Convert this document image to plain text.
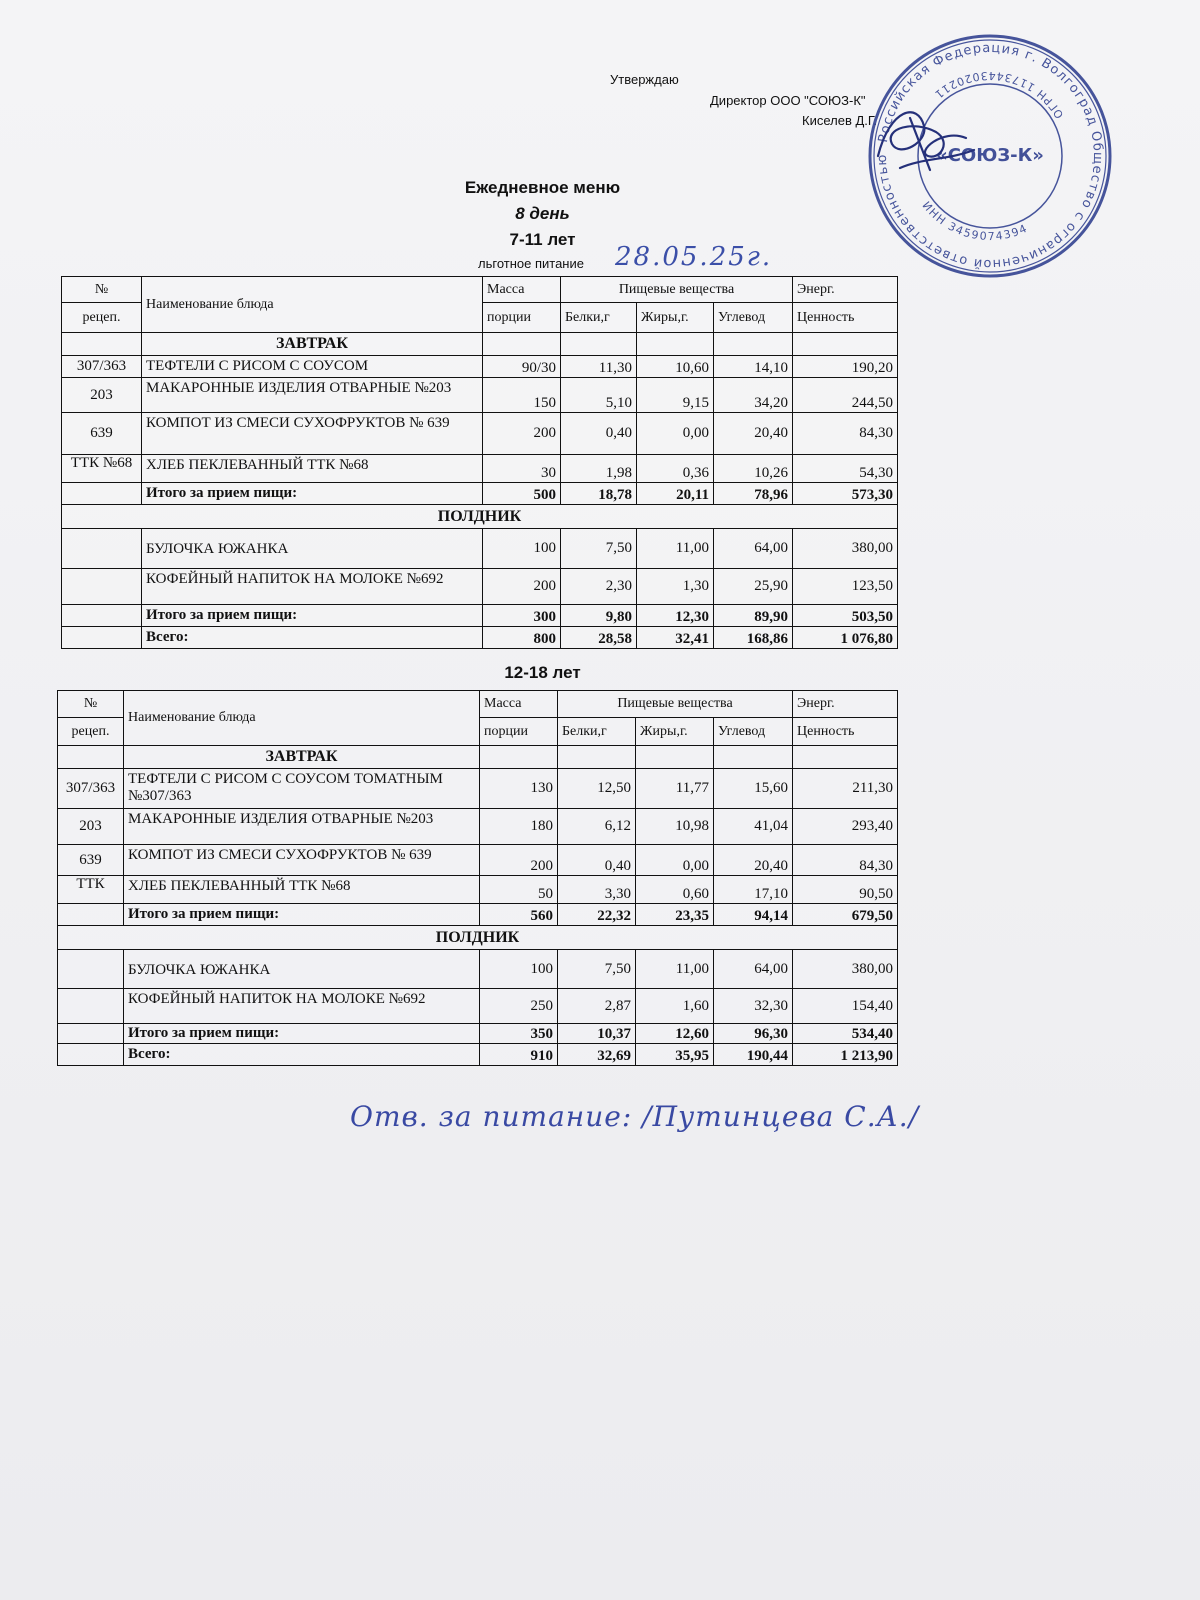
Утверждаю
Директор ООО "СОЮЗ-К"
Киселев Д.Г.
Российская Федерация г. Волгоград Общество с ограниченной ответственностью
ИНН 3459074394
ОГРН 1173443020211
«СОЮЗ-К»
Ежедневное меню
8 день
7-11 лет
льготное питание	28.05.25г.
№	Наименование блюда	Масса	Пищевые вещества			Энерг.
рецеп.		порции	Белки,г	Жиры,г.	Углевод	Ценность
	ЗАВТРАК					
307/363	ТЕФТЕЛИ С РИСОМ С СОУСОМ	90/30	11,30	10,60	14,10	190,20
203	МАКАРОННЫЕ ИЗДЕЛИЯ ОТВАРНЫЕ №203	150	5,10	9,15	34,20	244,50
639	КОМПОТ ИЗ СМЕСИ СУХОФРУКТОВ № 639	200	0,40	0,00	20,40	84,30
ТТК №68	ХЛЕБ ПЕКЛЕВАННЫЙ ТТК №68	30	1,98	0,36	10,26	54,30
	Итого за прием пищи:	500	18,78	20,11	78,96	573,30
ПОЛДНИК						
	БУЛОЧКА ЮЖАНКА	100	7,50	11,00	64,00	380,00
	КОФЕЙНЫЙ НАПИТОК НА МОЛОКЕ №692	200	2,30	1,30	25,90	123,50
	Итого за прием пищи:	300	9,80	12,30	89,90	503,50
	Всего:	800	28,58	32,41	168,86	1 076,80
12-18 лет
№	Наименование блюда	Масса	Пищевые вещества			Энерг.
рецеп.		порции	Белки,г	Жиры,г.	Углевод	Ценность
	ЗАВТРАК					
307/363	ТЕФТЕЛИ С РИСОМ С СОУСОМ ТОМАТНЫМ №307/363	130	12,50	11,77	15,60	211,30
203	МАКАРОННЫЕ ИЗДЕЛИЯ ОТВАРНЫЕ №203	180	6,12	10,98	41,04	293,40
639	КОМПОТ ИЗ СМЕСИ СУХОФРУКТОВ № 639	200	0,40	0,00	20,40	84,30
ТТК	ХЛЕБ ПЕКЛЕВАННЫЙ ТТК №68	50	3,30	0,60	17,10	90,50
	Итого за прием пищи:	560	22,32	23,35	94,14	679,50
ПОЛДНИК						
	БУЛОЧКА ЮЖАНКА	100	7,50	11,00	64,00	380,00
	КОФЕЙНЫЙ НАПИТОК НА МОЛОКЕ №692	250	2,87	1,60	32,30	154,40
	Итого за прием пищи:	350	10,37	12,60	96,30	534,40
	Всего:	910	32,69	35,95	190,44	1 213,90
Отв. за питание: /Путинцева С.А./
